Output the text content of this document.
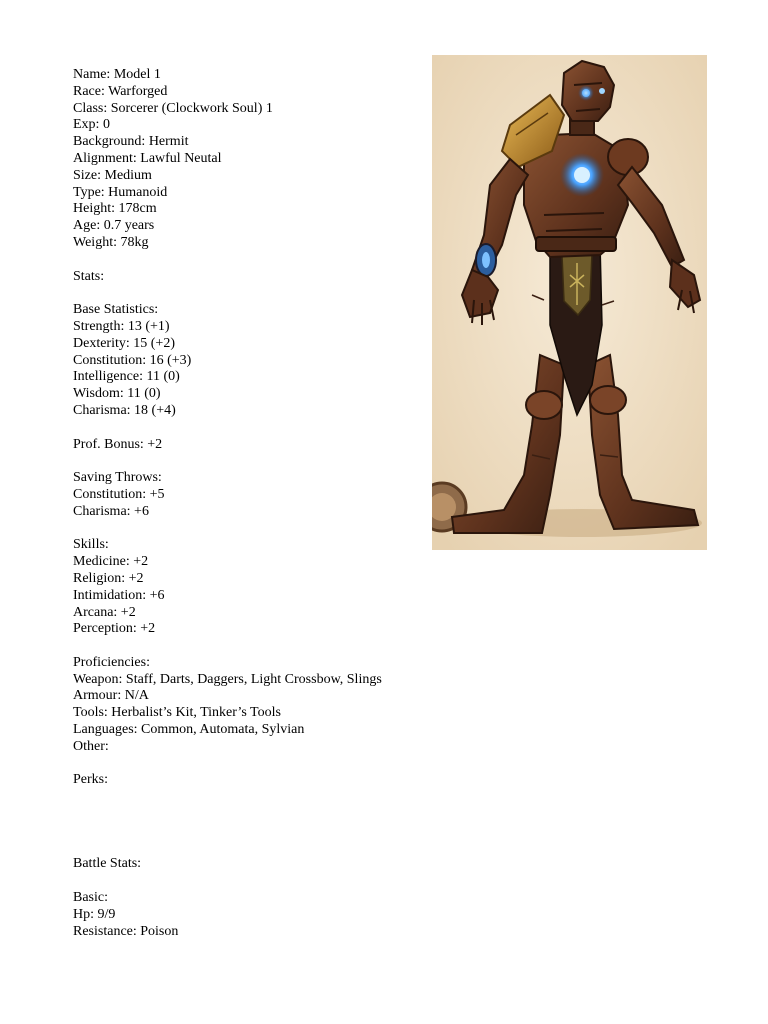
Name: Model 1
Race: Warforged
Class: Sorcerer (Clockwork Soul) 1
Exp: 0
Background: Hermit
Alignment: Lawful Neutal
Size: Medium
Type: Humanoid
Height: 178cm
Age: 0.7 years
Weight: 78kg
Stats:
Base Statistics:
Strength: 13 (+1)
Dexterity: 15 (+2)
Constitution: 16 (+3)
Intelligence: 11 (0)
Wisdom: 11 (0)
Charisma: 18 (+4)
Prof. Bonus: +2
Saving Throws:
Constitution: +5
Charisma: +6
Skills:
Medicine: +2
Religion: +2
Intimidation: +6
Arcana: +2
Perception: +2
Proficiencies:
Weapon: Staff, Darts, Daggers, Light Crossbow, Slings
Armour: N/A
Tools: Herbalist’s Kit, Tinker’s Tools
Languages: Common, Automata, Sylvian
Other:
Perks:
Battle Stats:
Basic:
Hp: 9/9
Resistance: Poison
